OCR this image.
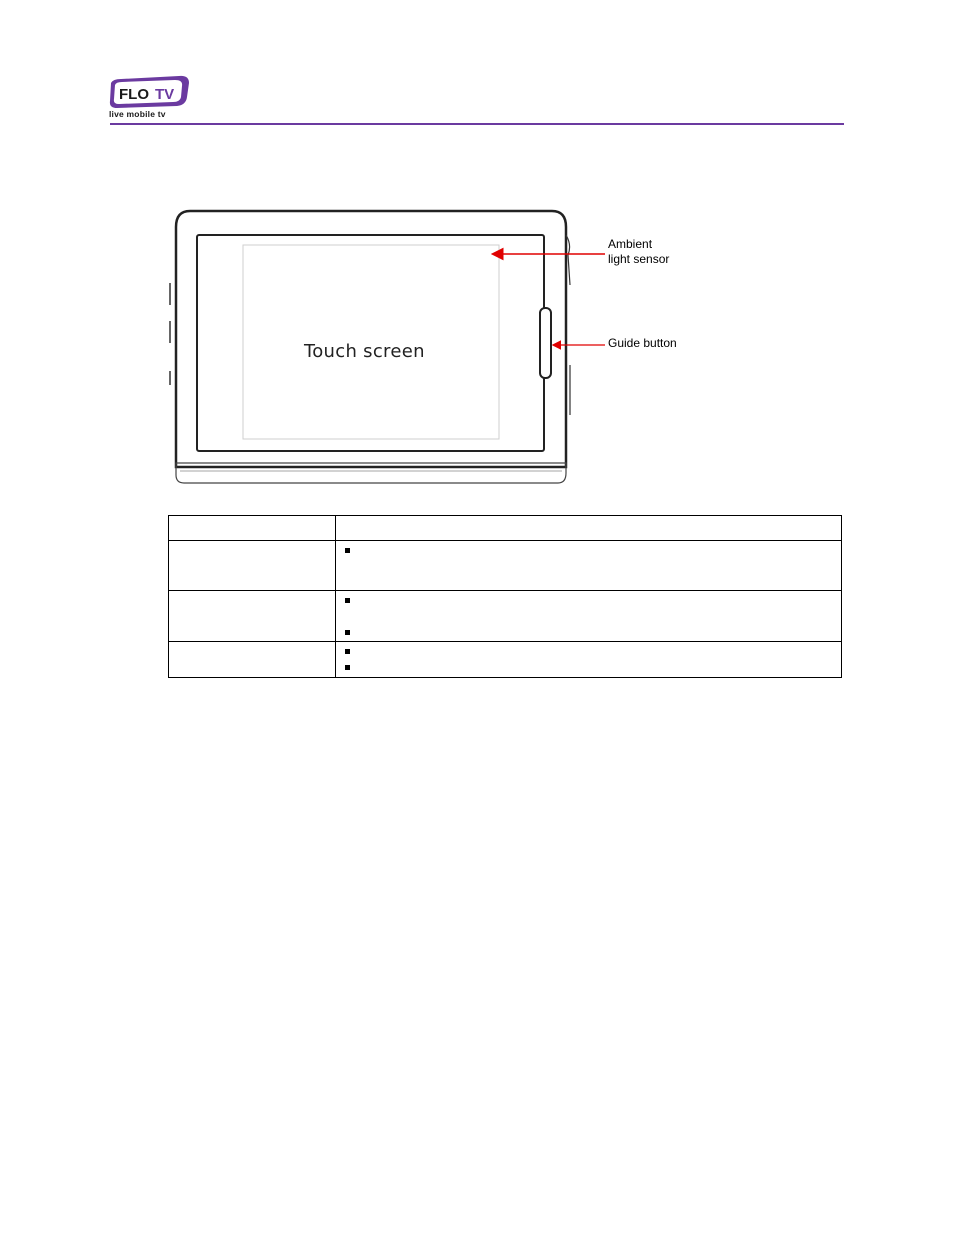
FLO TV
live mobile tv
Touch screen
Ambient
light sensor
Guide button
